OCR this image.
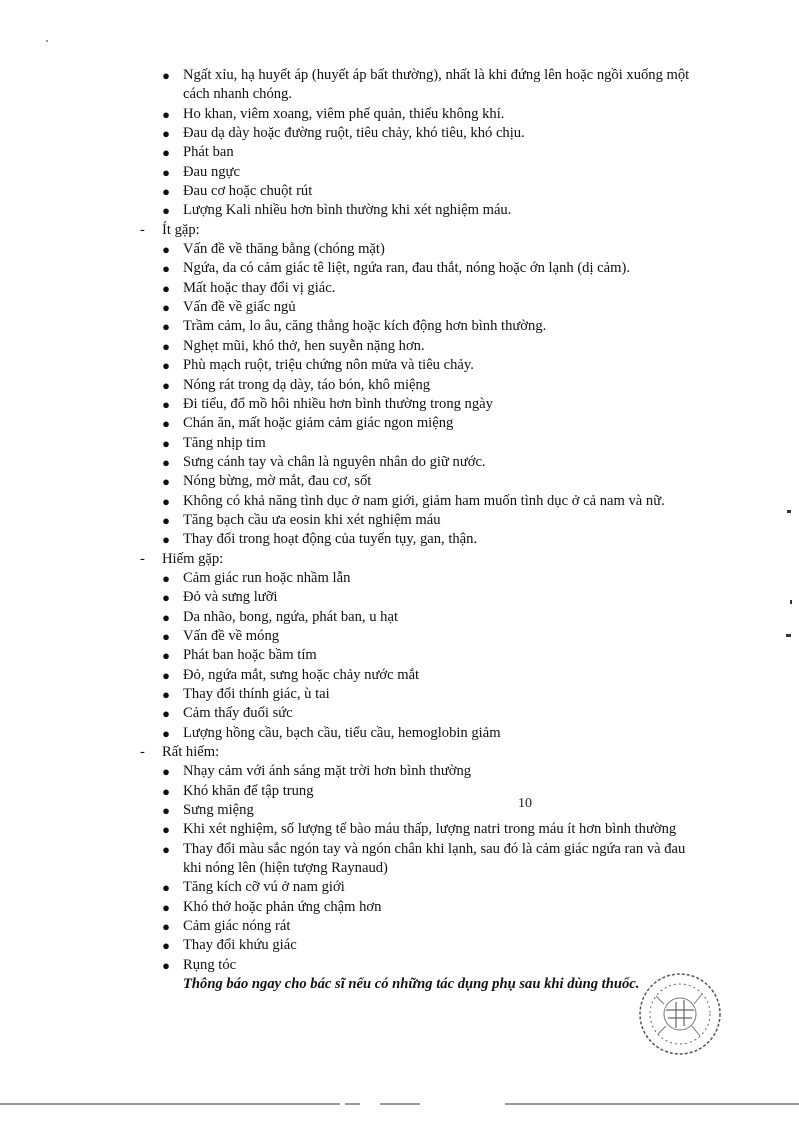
● Ngất xỉu, hạ huyết áp (huyết áp bất thường), nhất là khi đứng lên hoặc ngồi xuống một
cách nhanh chóng.
● Ho khan, viêm xoang, viêm phế quản, thiếu không khí.
● Đau dạ dày hoặc đường ruột, tiêu chảy, khó tiêu, khó chịu.
● Phát ban
● Đau ngực
● Đau cơ hoặc chuột rút
● Lượng Kali nhiều hơn bình thường khi xét nghiệm máu.
- Ít gặp:
● Vấn đề về thăng bằng (chóng mặt)
● Ngứa, da có cảm giác tê liệt, ngứa ran, đau thắt, nóng hoặc ớn lạnh (dị cảm).
● Mất hoặc thay đổi vị giác.
● Vấn đề về giấc ngủ
● Trầm cảm, lo âu, căng thẳng hoặc kích động hơn bình thường.
● Nghẹt mũi, khó thở, hen suyễn nặng hơn.
● Phù mạch ruột, triệu chứng nôn mửa và tiêu chảy.
● Nóng rát trong dạ dày, táo bón, khô miệng
● Đi tiểu, đổ mồ hôi nhiều hơn bình thường trong ngày
● Chán ăn, mất hoặc giảm cảm giác ngon miệng
● Tăng nhịp tim
● Sưng cánh tay và chân là nguyên nhân do giữ nước.
● Nóng bừng, mờ mắt, đau cơ, sốt
● Không có khả năng tình dục ở nam giới, giảm ham muốn tình dục ở cả nam và nữ.
● Tăng bạch cầu ưa eosin khi xét nghiệm máu
● Thay đổi trong hoạt động của tuyến tụy, gan, thận.
- Hiếm gặp:
● Cảm giác run hoặc nhầm lẫn
● Đỏ và sưng lưỡi
● Da nhão, bong, ngứa, phát ban, u hạt
● Vấn đề về móng
● Phát ban hoặc bầm tím
● Đỏ, ngứa mắt, sưng hoặc chảy nước mắt
● Thay đổi thính giác, ù tai
● Cảm thấy đuối sức
● Lượng hồng cầu, bạch cầu, tiểu cầu, hemoglobin giảm
- Rất hiếm:
● Nhạy cảm với ánh sáng mặt trời hơn bình thường
● Khó khăn để tập trung
● Sưng miệng
● Khi xét nghiệm, số lượng tế bào máu thấp, lượng natri trong máu ít hơn bình thường
● Thay đổi màu sắc ngón tay và ngón chân khi lạnh, sau đó là cảm giác ngứa ran và đau
khi nóng lên (hiện tượng Raynaud)
● Tăng kích cỡ vú ở nam giới
● Khó thở hoặc phản ứng chậm hơn
● Cảm giác nóng rát
● Thay đổi khứu giác
● Rụng tóc
Thông báo ngay cho bác sĩ nếu có những tác dụng phụ sau khi dùng thuốc.
10
